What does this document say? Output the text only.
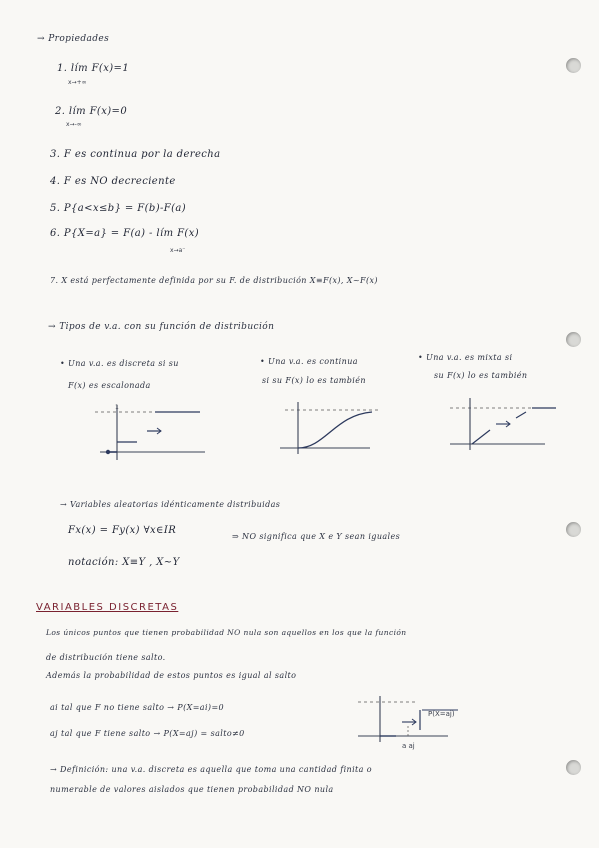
→ Propiedades
1. lím F(x)=1
x→+∞
2. lím F(x)=0
x→-∞
3. F es continua por la derecha
4. F es NO decreciente
5. P{a<x≤b} = F(b)-F(a)
6. P{X=a} = F(a) - lím F(x)
x→a⁻
7. X está perfectamente definida por su F. de distribución X≡F(x), X~F(x)
→ Tipos de v.a. con su función de distribución
• Una v.a. es discreta si su
F(x) es escalonada
• Una v.a. es continua
si su F(x) lo es también
• Una v.a. es mixta si
su F(x) lo es también
1
→ Variables aleatorias idénticamente distribuidas
Fx(x) = Fy(x) ∀x∈IR
⇒ NO significa que X e Y sean iguales
notación: X≡Y , X~Y
VARIABLES DISCRETAS
Los únicos puntos que tienen probabilidad NO nula son aquellos en los que la función
de distribución tiene salto.
Además la probabilidad de estos puntos es igual al salto
ai tal que F no tiene salto → P(X=ai)=0
aj tal que F tiene salto → P(X=aj) = salto≠0
P(X=aj)
a aj
→ Definición: una v.a. discreta es aquella que toma una cantidad finita o
numerable de valores aislados que tienen probabilidad NO nula
